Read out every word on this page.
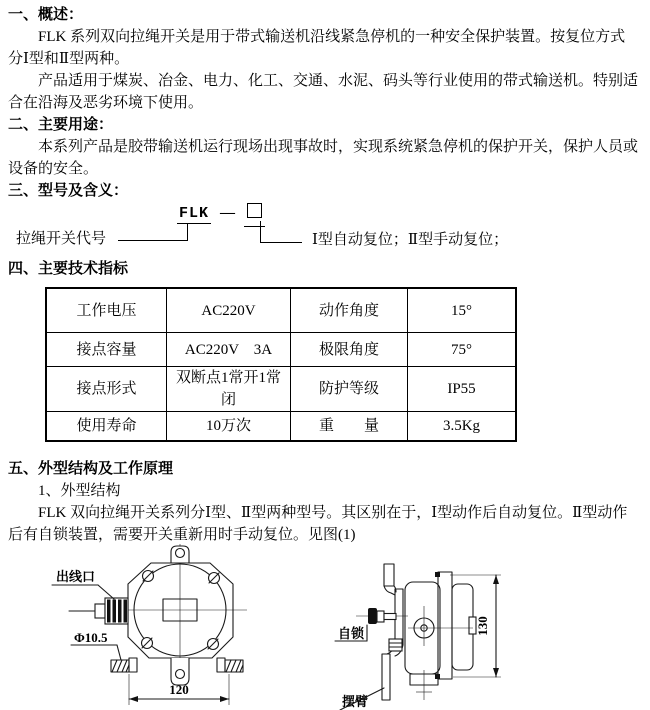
一、概述：

FLK 系列双向拉绳开关是用于带式输送机沿线紧急停机的一种安全保护装置。按复位方式分Ⅰ型和Ⅱ型两种。

产品适用于煤炭、冶金、电力、化工、交通、水泥、码头等行业使用的带式输送机。特别适合在沿海及恶劣环境下使用。

二、主要用途：

本系列产品是胶带输送机运行现场出现事故时，实现系统紧急停机的保护开关，保护人员或设备的安全。

三、型号及含义：
FLK —
拉绳开关代号	Ⅰ型自动复位；Ⅱ型手动复位；
四、主要技术指标
工作电压	AC220V	动作角度	15°
接点容量	AC220V　3A	极限角度	75°
接点形式	双断点1常开1常闭	防护等级	IP55
使用寿命	10万次	重　　量	3.5Kg
五、外型结构及工作原理

1、外型结构

FLK 双向拉绳开关系列分Ⅰ型、Ⅱ型两种型号。其区别在于，Ⅰ型动作后自动复位。Ⅱ型动作后有自锁装置，需要开关重新用时手动复位。见图(1)

120
出线口
Φ10.5
130
自锁
摆臂
